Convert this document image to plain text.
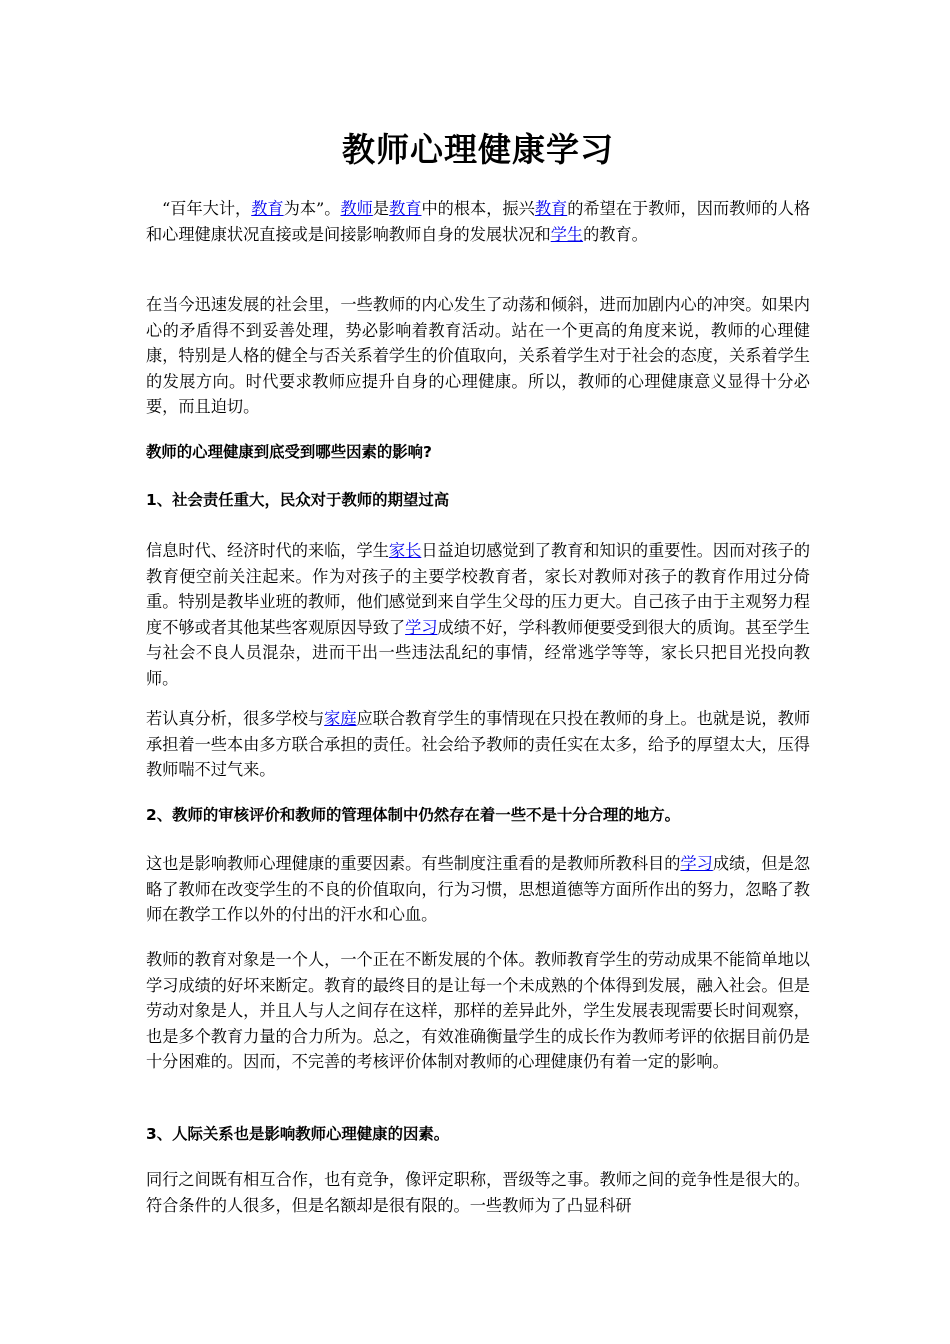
教师心理健康学习

“百年大计，教育为本”。教师是教育中的根本，振兴教育的希望在于教师，因而教师的人格和心理健康状况直接或是间接影响教师自身的发展状况和学生的教育。

在当今迅速发展的社会里，一些教师的内心发生了动荡和倾斜，进而加剧内心的冲突。如果内心的矛盾得不到妥善处理，势必影响着教育活动。站在一个更高的角度来说，教师的心理健康，特别是人格的健全与否关系着学生的价值取向，关系着学生对于社会的态度，关系着学生的发展方向。时代要求教师应提升自身的心理健康。所以，教师的心理健康意义显得十分必要，而且迫切。

教师的心理健康到底受到哪些因素的影响?

1、社会责任重大，民众对于教师的期望过高

信息时代、经济时代的来临，学生家长日益迫切感觉到了教育和知识的重要性。因而对孩子的教育便空前关注起来。作为对孩子的主要学校教育者，家长对教师对孩子的教育作用过分倚重。特别是教毕业班的教师，他们感觉到来自学生父母的压力更大。自己孩子由于主观努力程度不够或者其他某些客观原因导致了学习成绩不好，学科教师便要受到很大的质询。甚至学生与社会不良人员混杂，进而干出一些违法乱纪的事情，经常逃学等等，家长只把目光投向教师。

若认真分析，很多学校与家庭应联合教育学生的事情现在只投在教师的身上。也就是说，教师承担着一些本由多方联合承担的责任。社会给予教师的责任实在太多，给予的厚望太大，压得教师喘不过气来。

2、教师的审核评价和教师的管理体制中仍然存在着一些不是十分合理的地方。

这也是影响教师心理健康的重要因素。有些制度注重看的是教师所教科目的学习成绩，但是忽略了教师在改变学生的不良的价值取向，行为习惯，思想道德等方面所作出的努力，忽略了教师在教学工作以外的付出的汗水和心血。

教师的教育对象是一个人，一个正在不断发展的个体。教师教育学生的劳动成果不能简单地以学习成绩的好坏来断定。教育的最终目的是让每一个未成熟的个体得到发展，融入社会。但是劳动对象是人，并且人与人之间存在这样，那样的差异此外，学生发展表现需要长时间观察，也是多个教育力量的合力所为。总之，有效准确衡量学生的成长作为教师考评的依据目前仍是十分困难的。因而，不完善的考核评价体制对教师的心理健康仍有着一定的影响。

3、人际关系也是影响教师心理健康的因素。

同行之间既有相互合作，也有竞争，像评定职称，晋级等之事。教师之间的竞争性是很大的。符合条件的人很多，但是名额却是很有限的。一些教师为了凸显科研
